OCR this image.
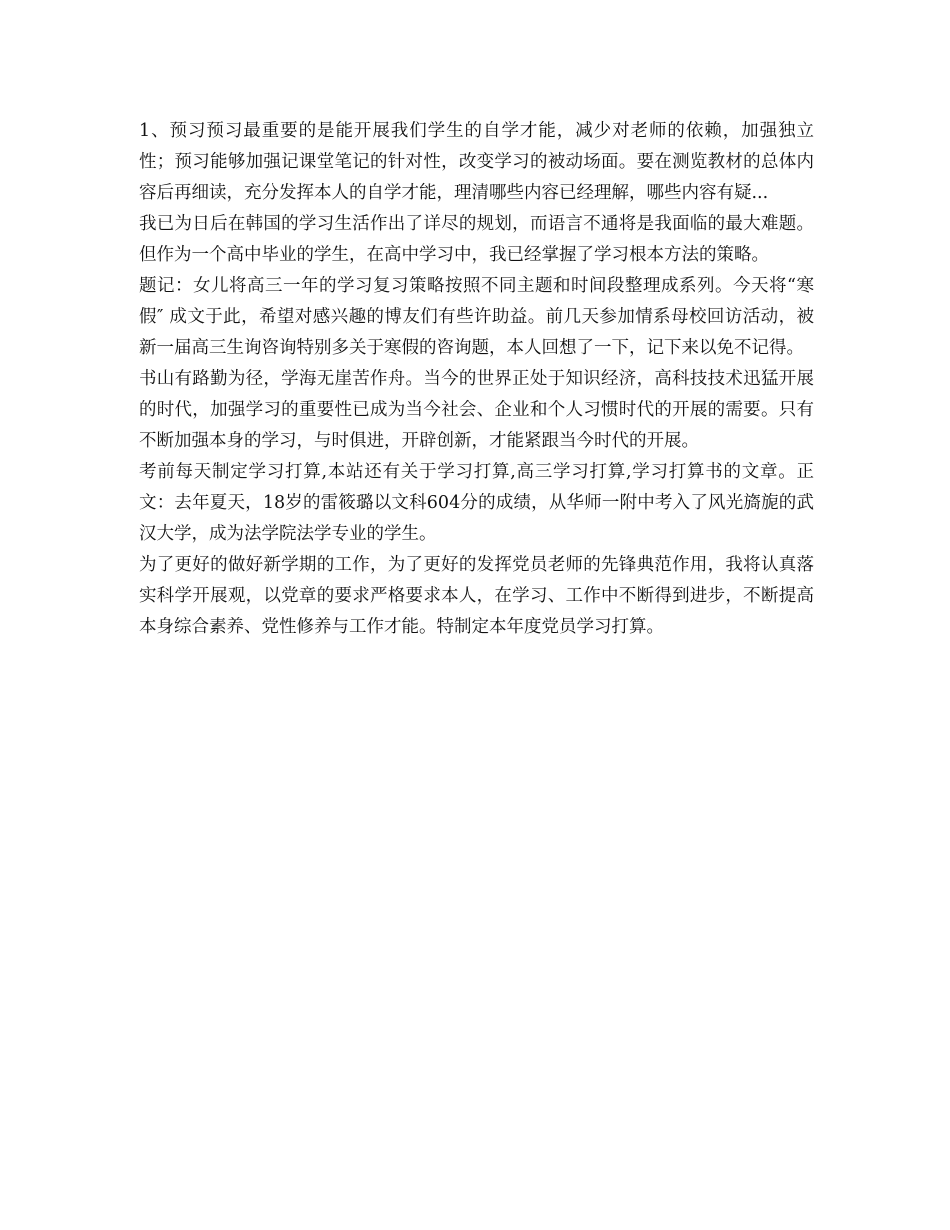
1、预习预习最重要的是能开展我们学生的自学才能，减少对老师的依赖，加强独立性；预习能够加强记课堂笔记的针对性，改变学习的被动场面。要在测览教材的总体内容后再细读，充分发挥本人的自学才能，理清哪些内容已经理解，哪些内容有疑...

我已为日后在韩国的学习生活作出了详尽的规划，而语言不通将是我面临的最大难题。但作为一个高中毕业的学生，在高中学习中，我已经掌握了学习根本方法的策略。

题记：女儿将高三一年的学习复习策略按照不同主题和时间段整理成系列。今天将“寒假″ 成文于此，希望对感兴趣的博友们有些许助益。前几天参加情系母校回访活动，被新一届高三生询咨询特别多关于寒假的咨询题，本人回想了一下，记下来以免不记得。

书山有路勤为径，学海无崖苦作舟。当今的世界正处于知识经济，高科技技术迅猛开展的时代，加强学习的重要性已成为当今社会、企业和个人习惯时代的开展的需要。只有不断加强本身的学习，与时俱进，开辟创新，才能紧跟当今时代的开展。

考前每天制定学习打算,本站还有关于学习打算,高三学习打算,学习打算书的文章。正文：去年夏天，18岁的雷筱璐以文科604分的成绩，从华师一附中考入了风光旖旎的武汉大学，成为法学院法学专业的学生。

为了更好的做好新学期的工作，为了更好的发挥党员老师的先锋典范作用，我将认真落实科学开展观，以党章的要求严格要求本人，在学习、工作中不断得到进步，不断提高本身综合素养、党性修养与工作才能。特制定本年度党员学习打算。
